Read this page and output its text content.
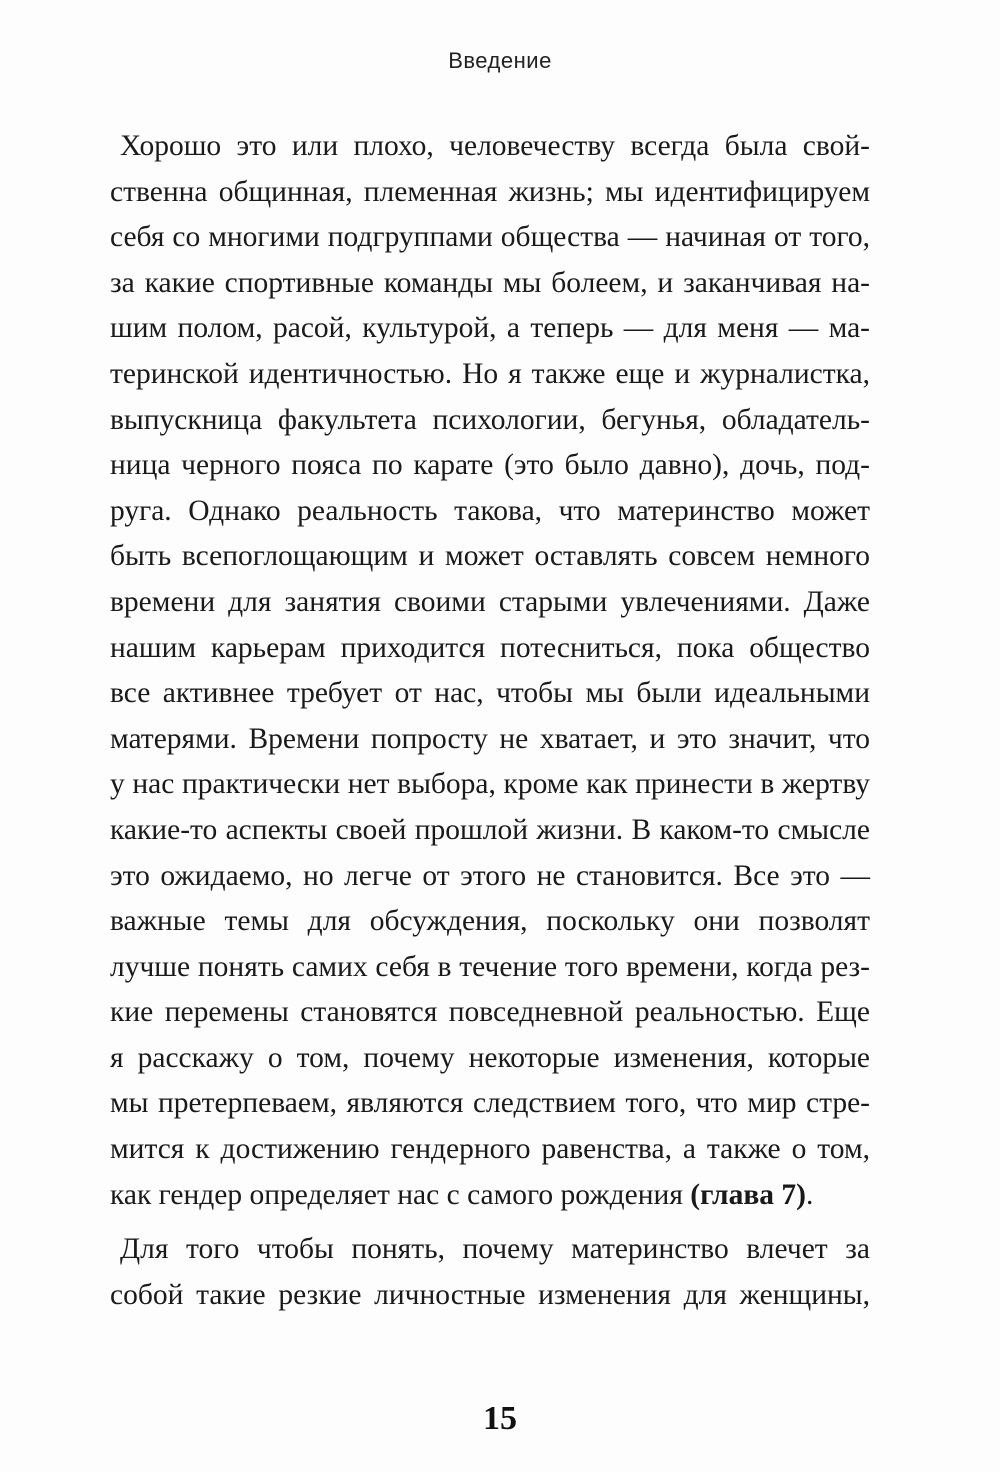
Введение

Хорошо это или плохо, человечеству всегда была свой-
ственна общинная, племенная жизнь; мы идентифицируем
себя со многими подгруппами общества — начиная от того,
за какие спортивные команды мы болеем, и заканчивая на-
шим полом, расой, культурой, а теперь — для меня — ма-
теринской идентичностью. Но я также еще и журналистка,
выпускница факультета психологии, бегунья, обладатель-
ница черного пояса по карате (это было давно), дочь, под-
руга. Однако реальность такова, что материнство может
быть всепоглощающим и может оставлять совсем немного
времени для занятия своими старыми увлечениями. Даже
нашим карьерам приходится потесниться, пока общество
все активнее требует от нас, чтобы мы были идеальными
матерями. Времени попросту не хватает, и это значит, что
у нас практически нет выбора, кроме как принести в жертву
какие-то аспекты своей прошлой жизни. В каком-то смысле
это ожидаемо, но легче от этого не становится. Все это —
важные темы для обсуждения, поскольку они позволят
лучше понять самих себя в течение того времени, когда рез-
кие перемены становятся повседневной реальностью. Еще
я расскажу о том, почему некоторые изменения, которые
мы претерпеваем, являются следствием того, что мир стре-
мится к достижению гендерного равенства, а также о том,
как гендер определяет нас с самого рождения (глава 7).

Для того чтобы понять, почему материнство влечет за
собой такие резкие личностные изменения для женщины,

15
